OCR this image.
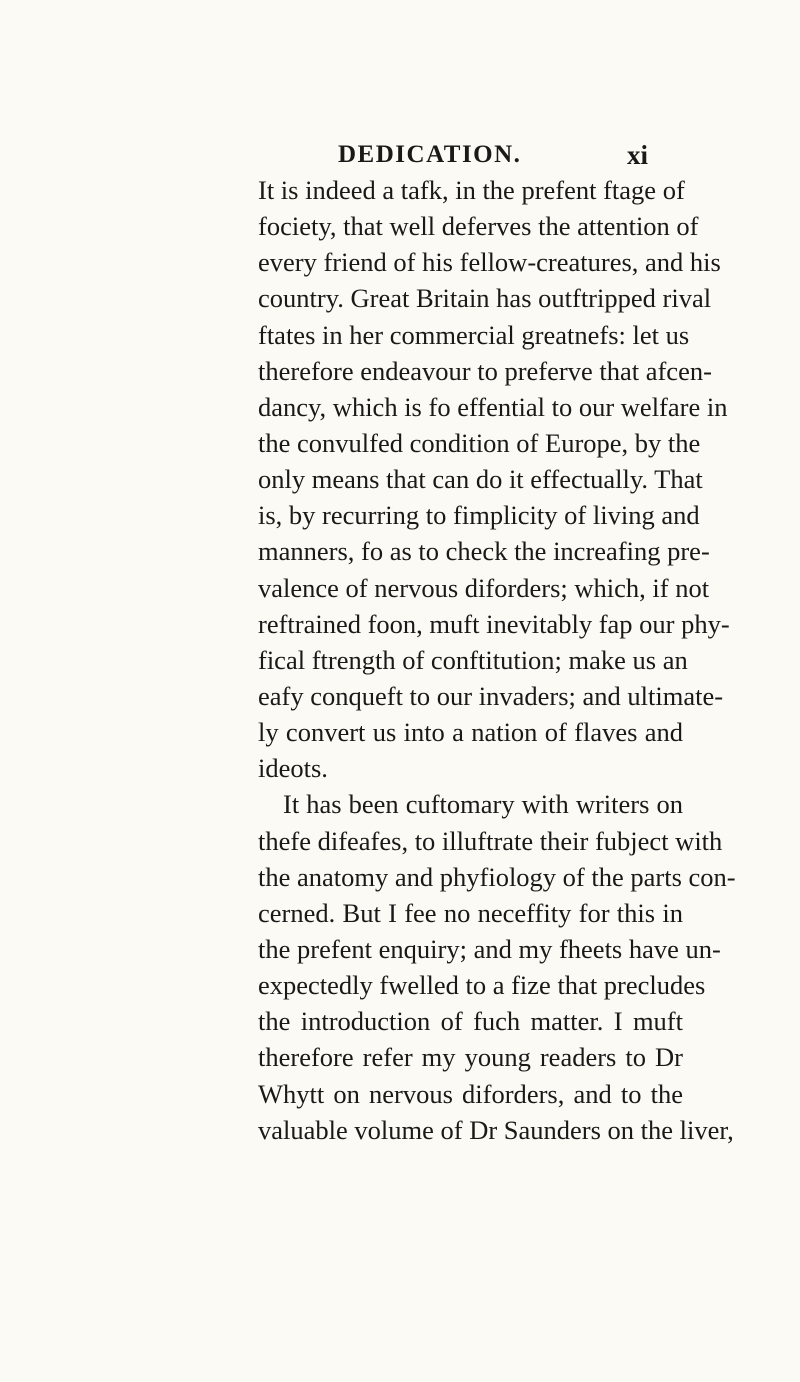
DEDICATION.	xi
It is indeed a tafk, in the prefent ftage of
fociety, that well deferves the attention of
every friend of his fellow-creatures, and his
country. Great Britain has outftripped rival
ftates in her commercial greatnefs: let us
therefore endeavour to preferve that afcen-
dancy, which is fo effential to our welfare in
the convulfed condition of Europe, by the
only means that can do it effectually. That
is, by recurring to fimplicity of living and
manners, fo as to check the increafing pre-
valence of nervous diforders; which, if not
reftrained foon, muft inevitably fap our phy-
fical ftrength of conftitution; make us an
eafy conqueft to our invaders; and ultimate-
ly convert us into a nation of flaves and
ideots.
It has been cuftomary with writers on
thefe difeafes, to illuftrate their fubject with
the anatomy and phyfiology of the parts con-
cerned. But I fee no neceffity for this in
the prefent enquiry; and my fheets have un-
expectedly fwelled to a fize that precludes
the introduction of fuch matter. I muft
therefore refer my young readers to Dr
Whytt on nervous diforders, and to the
valuable volume of Dr Saunders on the liver,
